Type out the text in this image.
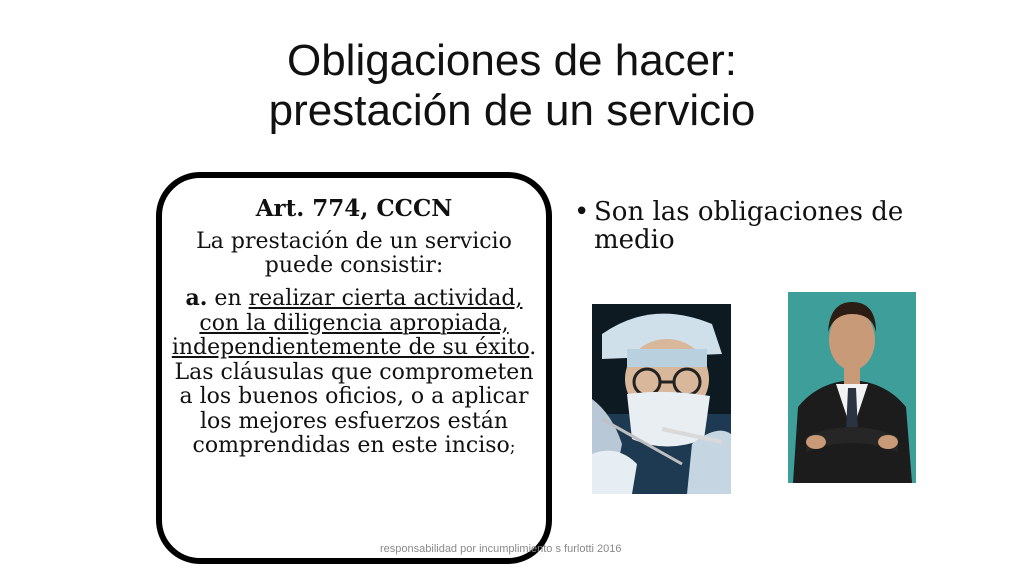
Obligaciones de hacer:
prestación de un servicio
Art. 774, CCCN
La prestación de un servicio puede consistir:
a. en realizar cierta actividad, con la diligencia apropiada, independientemente de su éxito. Las cláusulas que comprometen a los buenos oficios, o a aplicar los mejores esfuerzos están comprendidas en este inciso;
• Son las obligaciones de medio
responsabilidad por incumplimiento s furlotti 2016
